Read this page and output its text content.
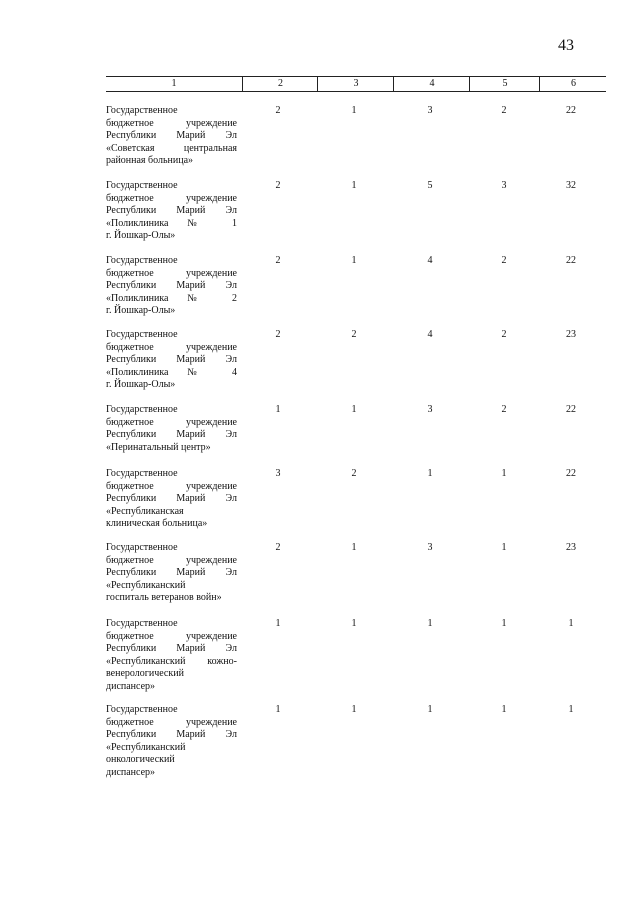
43
1	2	3	4	5	6
Государственное
бюджетное учреждение
Республики Марий Эл
«Советская центральная
районная больница»
2	1	3	2	22
Государственное
бюджетное учреждение
Республики Марий Эл
«Поликлиника № 1
г. Йошкар-Олы»
2	1	5	3	32
Государственное
бюджетное учреждение
Республики Марий Эл
«Поликлиника № 2
г. Йошкар-Олы»
2	1	4	2	22
Государственное
бюджетное учреждение
Республики Марий Эл
«Поликлиника № 4
г. Йошкар-Олы»
2	2	4	2	23
Государственное
бюджетное учреждение
Республики Марий Эл
«Перинатальный центр»
1	1	3	2	22
Государственное
бюджетное учреждение
Республики Марий Эл
«Республиканская
клиническая больница»
3	2	1	1	22
Государственное
бюджетное учреждение
Республики Марий Эл
«Республиканский
госпиталь ветеранов войн»
2	1	3	1	23
Государственное
бюджетное учреждение
Республики Марий Эл
«Республиканский кожно-
венерологический
диспансер»
1	1	1	1	1
Государственное
бюджетное учреждение
Республики Марий Эл
«Республиканский
онкологический
диспансер»
1	1	1	1	1
